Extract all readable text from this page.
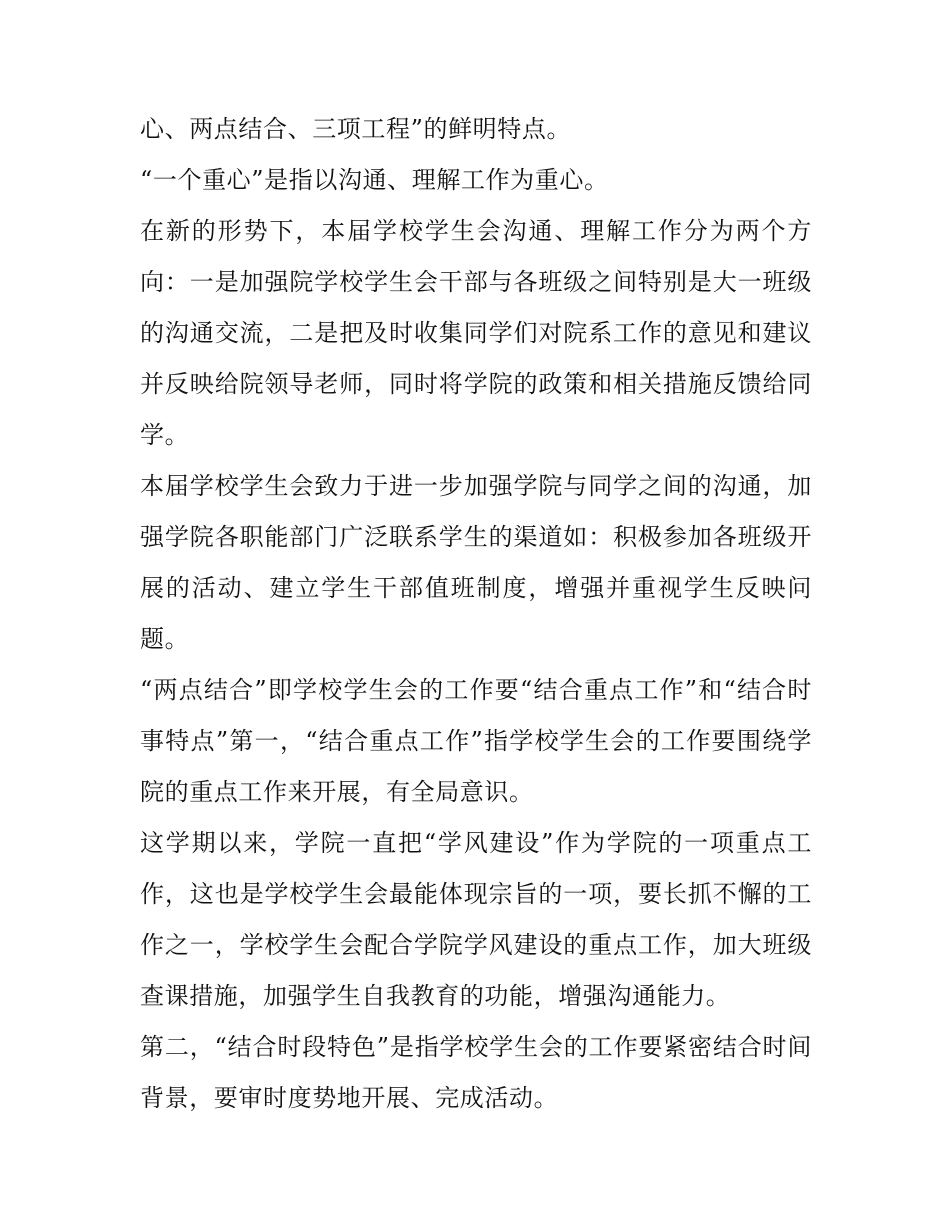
心、两点结合、三项工程”的鲜明特点。

“一个重心”是指以沟通、理解工作为重心。

在新的形势下，本届学校学生会沟通、理解工作分为两个方向：一是加强院学校学生会干部与各班级之间特别是大一班级的沟通交流，二是把及时收集同学们对院系工作的意见和建议并反映给院领导老师，同时将学院的政策和相关措施反馈给同学。

本届学校学生会致力于进一步加强学院与同学之间的沟通，加强学院各职能部门广泛联系学生的渠道如：积极参加各班级开展的活动、建立学生干部值班制度，增强并重视学生反映问题。

“两点结合”即学校学生会的工作要“结合重点工作”和“结合时事特点”第一，“结合重点工作”指学校学生会的工作要围绕学院的重点工作来开展，有全局意识。

这学期以来，学院一直把“学风建设”作为学院的一项重点工作，这也是学校学生会最能体现宗旨的一项，要长抓不懈的工作之一，学校学生会配合学院学风建设的重点工作，加大班级查课措施，加强学生自我教育的功能，增强沟通能力。

第二，“结合时段特色”是指学校学生会的工作要紧密结合时间背景，要审时度势地开展、完成活动。
